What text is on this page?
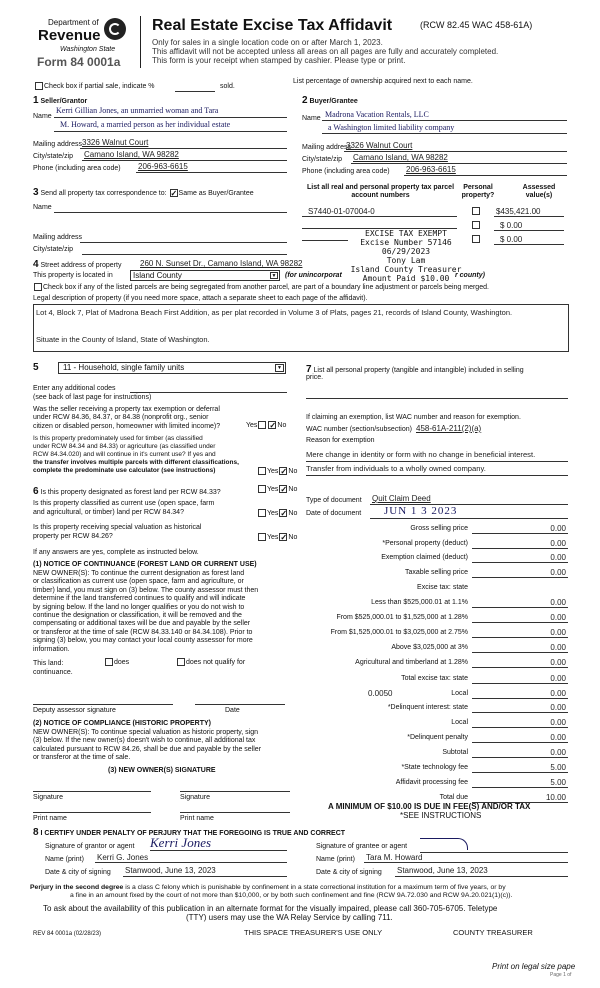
Department of
Revenue
Washington State
Form 84 0001a
Real Estate Excise Tax Affidavit	(RCW 82.45 WAC 458-61A)
Only for sales in a single location code on or after March 1, 2023.
This affidavit will not be accepted unless all areas on all pages are fully and accurately completed.
This form is your receipt when stamped by cashier. Please type or print.
Check box if partial sale, indicate %	sold.
List percentage of ownership acquired next to each name.
1 Seller/Grantor
Name
Kerri Gillian Jones, an unmarried woman and Tara
M. Howard, a married person as her individual estate
Mailing address 3326 Walnut Court
City/state/zip Camano Island, WA 98282
Phone (including area code) 206-963-6615
2 Buyer/Grantee
Name Madrona Vacation Rentals, LLC
a Washington limited liability company
Mailing address
3326 Walnut Court
City/state/zip Camano Island, WA 98282
Phone (including area code) 206-963-6615
3 Send all property tax correspondence to: ✓Same as Buyer/Grantee
Name
Mailing address
City/state/zip
List all real and personal property tax parcel account numbers
Personal property?
Assessed value(s)
S7440-01-07004-0	$435,421.00
$ 0.00
$ 0.00
EXCISE TAX EXEMPT
Excise Number 57146
06/29/2023
Tony Lam
Island County Treasurer
Amount Paid $10.00
4 Street address of property 260 N. Sunset Dr., Camano Island, WA 98282
This property is located in	Island County	▼ (for unincorporat	r county)
Check box if any of the listed parcels are being segregated from another parcel, are part of a boundary line adjustment or parcels being merged.
Legal description of property (if you need more space, attach a separate sheet to each page of the affidavit).
Lot 4, Block 7, Plat of Madrona Beach First Addition, as per plat recorded in Volume 3 of Plats, pages 21, records of Island County, Washington.
Situate in the County of Island, State of Washington.
5	11 - Household, single family units	▼
Enter any additional codes
(see back of last page for instructions)
Was the seller receiving a property tax exemption or deferral
under RCW 84.36, 84.37, or 84.38 (nonprofit org., senior
citizen or disabled person, homeowner with limited income)?	Yes ✓No
Is this property predominately used for timber (as classified
under RCW 84.34 and 84.33) or agriculture (as classified under
RCW 84.34.020) and will continue in it's current use? If yes and
the transfer involves multiple parcels with different classifications,
complete the predominate use calculator (see instructions)	Yes ✓No
6 Is this property designated as forest land per RCW 84.33?	Yes ✓No
Is this property classified as current use (open space, farm
and agricultural, or timber) land per RCW 84.34?	Yes ✓No
Is this property receiving special valuation as historical
property per RCW 84.26?	Yes ✓No
If any answers are yes, complete as instructed below.
(1) NOTICE OF CONTINUANCE (FOREST LAND OR CURRENT USE)
NEW OWNER(S): To continue the current designation as forest land
or classification as current use (open space, farm and agriculture, or
timber) land, you must sign on (3) below. The county assessor must then
determine if the land transferred continues to qualify and will indicate
by signing below. If the land no longer qualifies or you do not wish to
continue the designation or classification, it will be removed and the
compensating or additional taxes will be due and payable by the seller
or transferor at the time of sale (RCW 84.33.140 or 84.34.108). Prior to
signing (3) below, you may contact your local county assessor for more
information.
This land:	does	does not qualify for
continuance.
Deputy assessor signature	Date
(2) NOTICE OF COMPLIANCE (HISTORIC PROPERTY)
NEW OWNER(S): To continue special valuation as historic property, sign
(3) below. If the new owner(s) doesn't wish to continue, all additional tax
calculated pursuant to RCW 84.26, shall be due and payable by the seller
or transferor at the time of sale.
(3) NEW OWNER(S) SIGNATURE
Signature	Signature
Print name	Print name
7 List all personal property (tangible and intangible) included in selling
price.
If claiming an exemption, list WAC number and reason for exemption.
WAC number (section/subsection) 458-61A-211(2)(a)
Reason for exemption
Mere change in identity or form with no change in beneficial interest.
Transfer from individuals to a wholly owned company.
Type of document Quit Claim Deed
Date of document JUN 1 3 2023
Gross selling price	0.00
*Personal property (deduct)	0.00
Exemption claimed (deduct)	0.00
Taxable selling price	0.00
Excise tax: state
Less than $525,000.01 at 1.1%	0.00
From $525,000.01 to $1,525,000 at 1.28%	0.00
From $1,525,000.01 to $3,025,000 at 2.75%	0.00
Above $3,025,000 at 3%	0.00
Agricultural and timberland at 1.28%	0.00
Total excise tax: state	0.00
Local
0.0050	0.00
*Delinquent interest: state	0.00
Local	0.00
*Delinquent penalty	0.00
Subtotal	0.00
*State technology fee	5.00
Affidavit processing fee	5.00
Total due	10.00
A MINIMUM OF $10.00 IS DUE IN FEE(S) AND/OR TAX
*SEE INSTRUCTIONS
8 I CERTIFY UNDER PENALTY OF PERJURY THAT THE FOREGOING IS TRUE AND CORRECT
Signature of grantor or agent Kerri Jones
Name (print) Kerri G. Jones
Date & city of signing Stanwood, June 13, 2023
Signature of grantee or agent
Name (print) Tara M. Howard
Date & city of signing Stanwood, June 13, 2023
Perjury in the second degree is a class C felony which is punishable by confinement in a state correctional institution for a maximum term of five years, or by
a fine in an amount fixed by the court of not more than $10,000, or by both such confinement and fine (RCW 9A.72.030 and RCW 9A.20.021(1)(c)).
To ask about the availability of this publication in an alternate format for the visually impaired, please call 360-705-6705. Teletype
(TTY) users may use the WA Relay Service by calling 711.
REV 84 0001a (02/28/23)	THIS SPACE TREASURER'S USE ONLY	COUNTY TREASURER
Print on legal size pape
Page 1 of
